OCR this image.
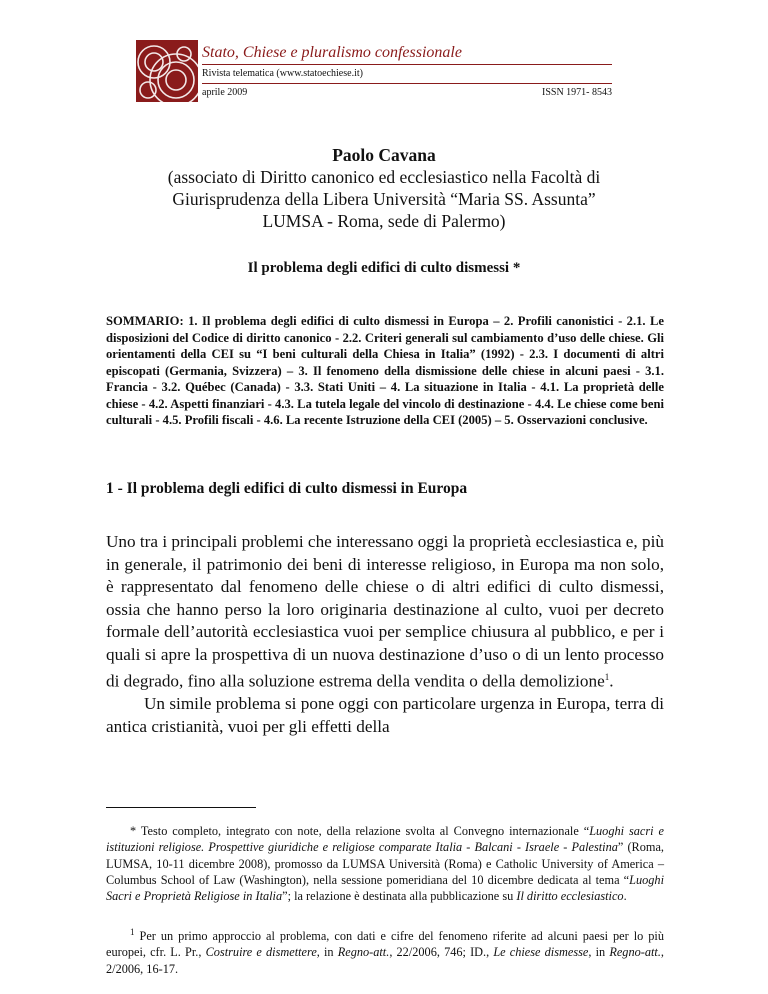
Stato, Chiese e pluralismo confessionale
Rivista telematica (www.statoechiese.it)
aprile 2009	ISSN 1971- 8543
Paolo Cavana
(associato di Diritto canonico ed ecclesiastico nella Facoltà di
Giurisprudenza della Libera Università “Maria SS. Assunta”
LUMSA - Roma, sede di Palermo)
Il problema degli edifici di culto dismessi *
SOMMARIO: 1. Il problema degli edifici di culto dismessi in Europa – 2. Profili canonistici - 2.1. Le disposizioni del Codice di diritto canonico - 2.2. Criteri generali sul cambiamento d’uso delle chiese. Gli orientamenti della CEI su “I beni culturali della Chiesa in Italia” (1992) - 2.3. I documenti di altri episcopati (Germania, Svizzera) – 3. Il fenomeno della dismissione delle chiese in alcuni paesi - 3.1. Francia - 3.2. Québec (Canada) - 3.3. Stati Uniti – 4. La situazione in Italia - 4.1. La proprietà delle chiese - 4.2. Aspetti finanziari - 4.3. La tutela legale del vincolo di destinazione - 4.4. Le chiese come beni culturali - 4.5. Profili fiscali - 4.6. La recente Istruzione della CEI (2005) – 5. Osservazioni conclusive.
1 - Il problema degli edifici di culto dismessi in Europa

Uno tra i principali problemi che interessano oggi la proprietà ecclesiastica e, più in generale, il patrimonio dei beni di interesse religioso, in Europa ma non solo, è rappresentato dal fenomeno delle chiese o di altri edifici di culto dismessi, ossia che hanno perso la loro originaria destinazione al culto, vuoi per decreto formale dell’autorità ecclesiastica vuoi per semplice chiusura al pubblico, e per i quali si apre la prospettiva di un nuova destinazione d’uso o di un lento processo di degrado, fino alla soluzione estrema della vendita o della demolizione$^1$.

Un simile problema si pone oggi con particolare urgenza in Europa, terra di antica cristianità, vuoi per gli effetti della

* Testo completo, integrato con note, della relazione svolta al Convegno internazionale “Luoghi sacri e istituzioni religiose. Prospettive giuridiche e religiose comparate Italia - Balcani - Israele - Palestina” (Roma, LUMSA, 10-11 dicembre 2008), promosso da LUMSA Università (Roma) e Catholic University of America – Columbus School of Law (Washington), nella sessione pomeridiana del 10 dicembre dedicata al tema “Luoghi Sacri e Proprietà Religiose in Italia”; la relazione è destinata alla pubblicazione su Il diritto ecclesiastico.
$^1$ Per un primo approccio al problema, con dati e cifre del fenomeno riferite ad alcuni paesi per lo più europei, cfr. L. Pr., Costruire e dismettere, in Regno-att., 22/2006, 746; ID., Le chiese dismesse, in Regno-att., 2/2006, 16-17.
